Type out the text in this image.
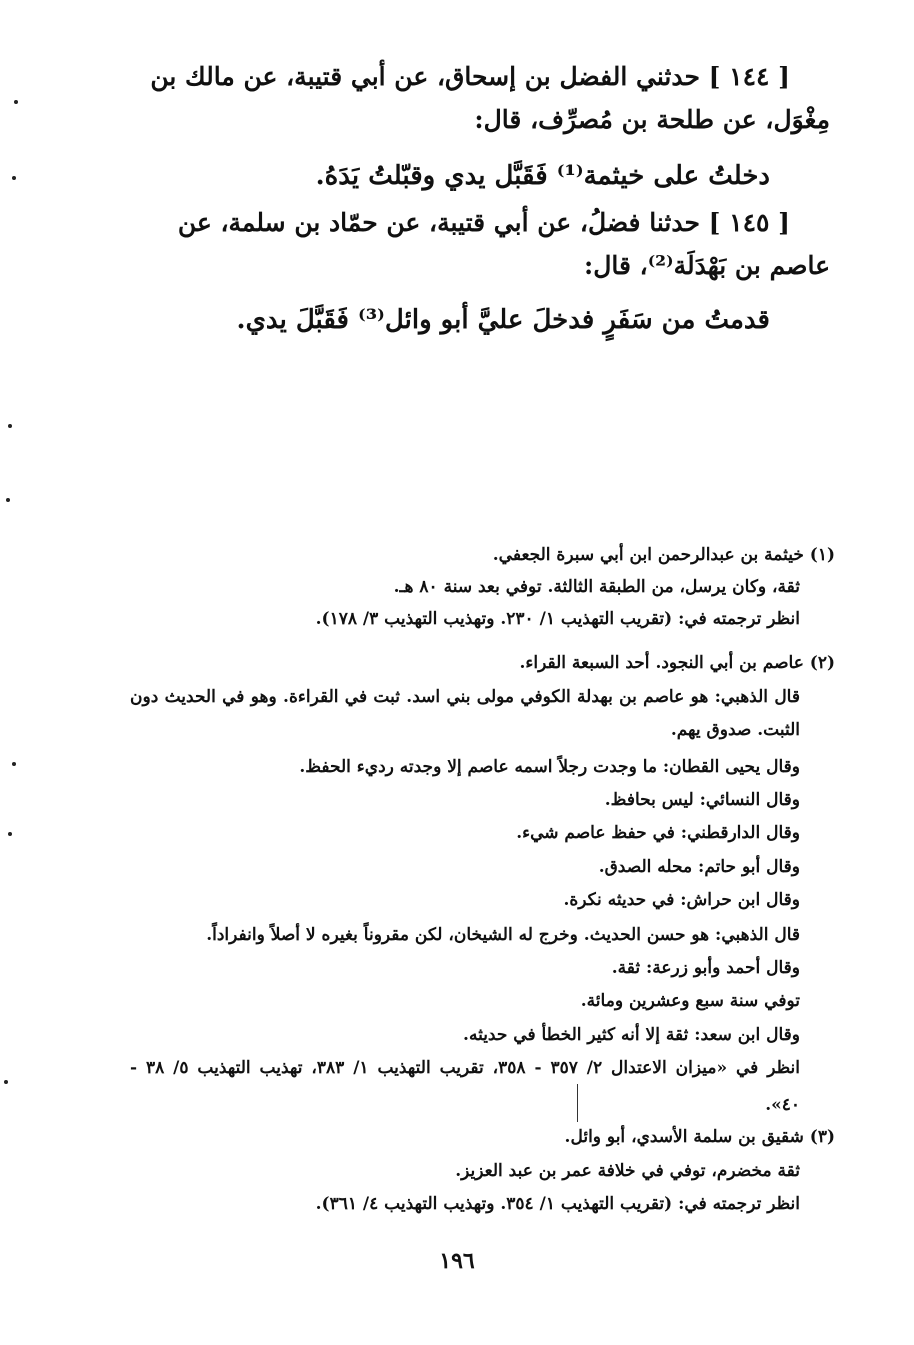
[ ١٤٤ ] حدثني الفضل بن إسحاق، عن أبي قتيبة، عن مالك بن
مِغْوَل، عن طلحة بن مُصرِّف، قال:
دخلتُ على خيثمة⁽¹⁾ فَقَبَّل يدي وقبّلتُ يَدَهُ.
[ ١٤٥ ] حدثنا فضلُ، عن أبي قتيبة، عن حمّاد بن سلمة، عن
عاصم بن بَهْدَلَة⁽²⁾، قال:
قدمتُ من سَفَرٍ فدخلَ عليَّ أبو وائل⁽³⁾ فَقَبَّلَ يدي.
(١) خيثمة بن عبدالرحمن ابن أبي سبرة الجعفي.
ثقة، وكان يرسل، من الطبقة الثالثة. توفي بعد سنة ٨٠ هـ.
انظر ترجمته في: (تقريب التهذيب ١/ ٢٣٠. وتهذيب التهذيب ٣/ ١٧٨).
(٢) عاصم بن أبي النجود. أحد السبعة القراء.
قال الذهبي: هو عاصم بن بهدلة الكوفي مولى بني اسد. ثبت في القراءة. وهو في الحديث دون
الثبت. صدوق يهم.
وقال يحيى القطان: ما وجدت رجلاً اسمه عاصم إلا وجدته رديء الحفظ.
وقال النسائي: ليس بحافظ.
وقال الدارقطني: في حفظ عاصم شيء.
وقال أبو حاتم: محله الصدق.
وقال ابن حراش: في حديثه نكرة.
قال الذهبي: هو حسن الحديث. وخرج له الشيخان، لكن مقروناً بغيره لا أصلاً وانفراداً.
وقال أحمد وأبو زرعة: ثقة.
توفي سنة سبع وعشرين ومائة.
وقال ابن سعد: ثقة إلا أنه كثير الخطأ في حديثه.
انظر في «ميزان الاعتدال ٢/ ٣٥٧ - ٣٥٨، تقريب التهذيب ١/ ٣٨٣، تهذيب التهذيب ٥/ ٣٨ -
٤٠».
(٣) شقيق بن سلمة الأسدي، أبو وائل.
ثقة مخضرم، توفي في خلافة عمر بن عبد العزيز.
انظر ترجمته في: (تقريب التهذيب ١/ ٣٥٤. وتهذيب التهذيب ٤/ ٣٦١).
١٩٦
